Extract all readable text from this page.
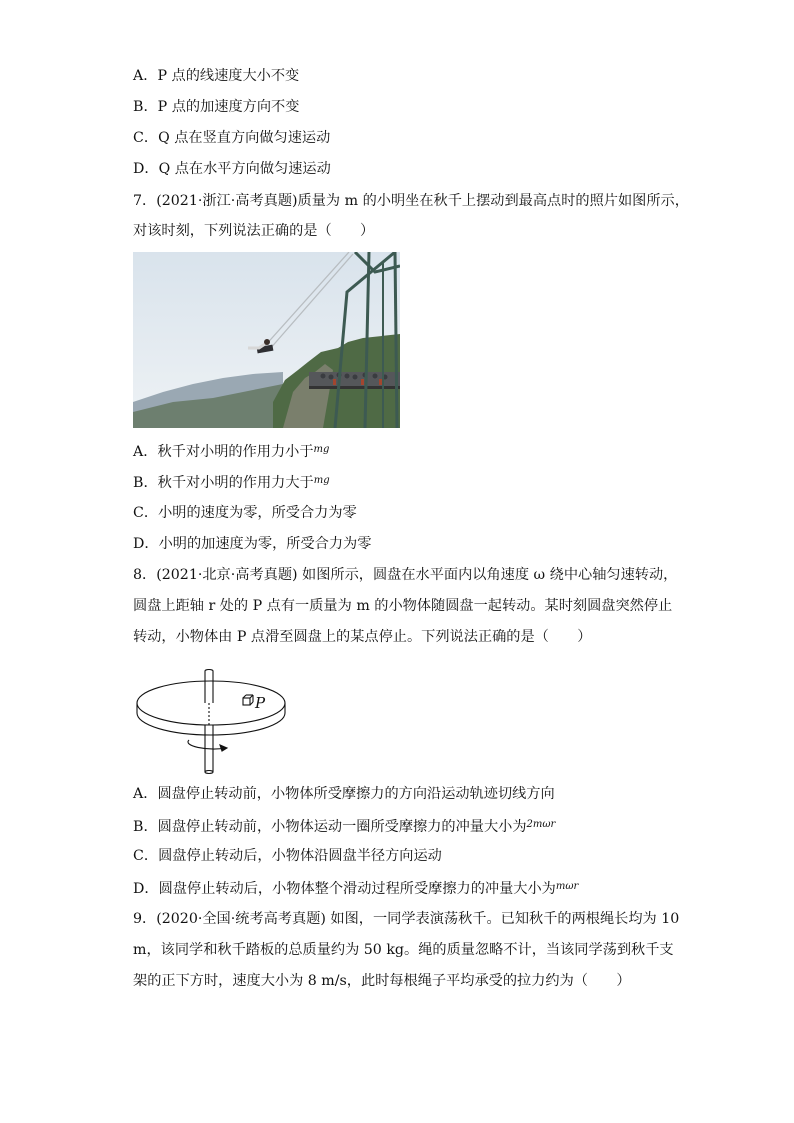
A．P 点的线速度大小不变
B．P 点的加速度方向不变
C．Q 点在竖直方向做匀速运动
D．Q 点在水平方向做匀速运动
7．(2021·浙江·高考真题)质量为 m 的小明坐在秋千上摆动到最高点时的照片如图所示，
对该时刻，下列说法正确的是（　　）
A．秋千对小明的作用力小于$^{mg}$
B．秋千对小明的作用力大于$^{mg}$
C．小明的速度为零，所受合力为零
D．小明的加速度为零，所受合力为零
8．(2021·北京·高考真题) 如图所示，圆盘在水平面内以角速度 ω 绕中心轴匀速转动，
圆盘上距轴 r 处的 P 点有一质量为 m 的小物体随圆盘一起转动。某时刻圆盘突然停止
转动，小物体由 P 点滑至圆盘上的某点停止。下列说法正确的是（　　）
P
A．圆盘停止转动前，小物体所受摩擦力的方向沿运动轨迹切线方向
B．圆盘停止转动前，小物体运动一圈所受摩擦力的冲量大小为$^{2m\omega r}$
C．圆盘停止转动后，小物体沿圆盘半径方向运动
D．圆盘停止转动后，小物体整个滑动过程所受摩擦力的冲量大小为$^{m\omega r}$
9．(2020·全国·统考高考真题) 如图，一同学表演荡秋千。已知秋千的两根绳长均为 10
m，该同学和秋千踏板的总质量约为 50 kg。绳的质量忽略不计，当该同学荡到秋千支
架的正下方时，速度大小为 8 m/s，此时每根绳子平均承受的拉力约为（　　）
